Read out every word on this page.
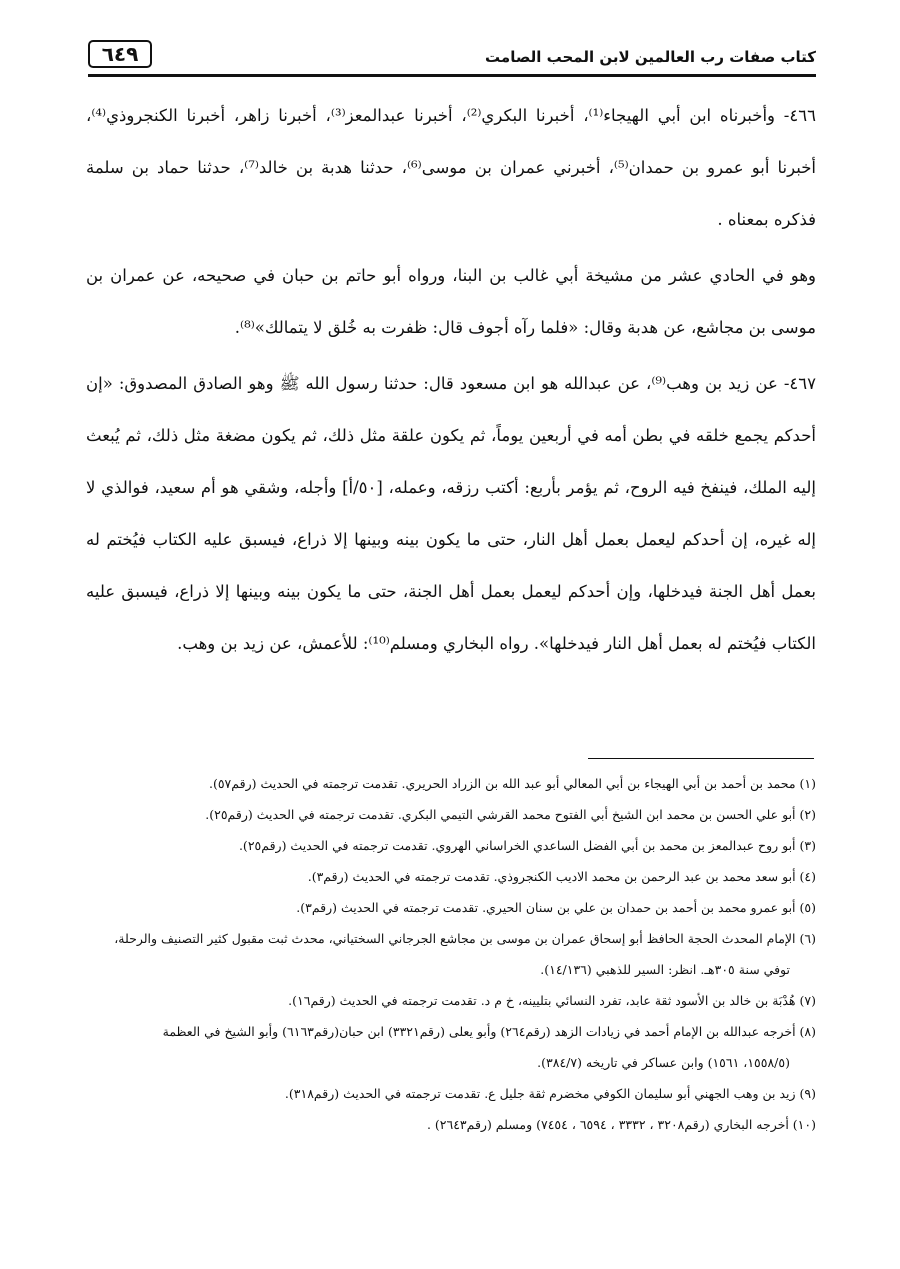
٦٤٩	كتاب صفات رب العالمين لابن المحب الصامت

٤٦٦- وأخبرناه ابن أبي الهيجاء⁽¹⁾، أخبرنا البكري⁽²⁾، أخبرنا عبدالمعز⁽³⁾، أخبرنا زاهر، أخبرنا الكنجروذي⁽⁴⁾، أخبرنا أبو عمرو بن حمدان⁽⁵⁾، أخبرني عمران بن موسى⁽⁶⁾، حدثنا هدبة بن خالد⁽⁷⁾، حدثنا حماد بن سلمة فذكره بمعناه .

وهو في الحادي عشر من مشيخة أبي غالب بن البنا، ورواه أبو حاتم بن حبان في صحيحه، عن عمران بن موسى بن مجاشع، عن هدبة وقال: «فلما رآه أجوف قال: ظفرت به خُلق لا يتمالك»⁽⁸⁾.

٤٦٧- عن زيد بن وهب⁽⁹⁾، عن عبدالله هو ابن مسعود قال: حدثنا رسول الله ﷺ وهو الصادق المصدوق: «إن أحدكم يجمع خلقه في بطن أمه في أربعين يوماً، ثم يكون علقة مثل ذلك، ثم يكون مضغة مثل ذلك، ثم يُبعث إليه الملك، فينفخ فيه الروح، ثم يؤمر بأربع: أكتب رزقه، وعمله، [٥٠/أ] وأجله، وشقي هو أم سعيد، فوالذي لا إله غيره، إن أحدكم ليعمل بعمل أهل النار، حتى ما يكون بينه وبينها إلا ذراع، فيسبق عليه الكتاب فيُختم له بعمل أهل الجنة فيدخلها، وإن أحدكم ليعمل بعمل أهل الجنة، حتى ما يكون بينه وبينها إلا ذراع، فيسبق عليه الكتاب فيُختم له بعمل أهل النار فيدخلها». رواه البخاري ومسلم⁽¹⁰⁾: للأعمش، عن زيد بن وهب.

(١) محمد بن أحمد بن أبي الهيجاء بن أبي المعالي أبو عبد الله بن الزراد الحريري. تقدمت ترجمته في الحديث (رقم٥٧).

(٢) أبو علي الحسن بن محمد ابن الشيخ أبي الفتوح محمد القرشي التيمي البكري. تقدمت ترجمته في الحديث (رقم٢٥).

(٣) أبو روح عبدالمعز بن محمد بن أبي الفضل الساعدي الخراساني الهروي. تقدمت ترجمته في الحديث (رقم٢٥).

(٤) أبو سعد محمد بن عبد الرحمن بن محمد الاديب الكنجروذي. تقدمت ترجمته في الحديث (رقم٣).

(٥) أبو عمرو محمد بن أحمد بن حمدان بن علي بن سنان الحيري. تقدمت ترجمته في الحديث (رقم٣).

(٦) الإمام المحدث الحجة الحافظ أبو إسحاق عمران بن موسى بن مجاشع الجرجاني السختياني، محدث ثبت مقبول كثير التصنيف والرحلة،

توفي سنة ٣٠٥هـ. انظر: السير للذهبي (١٤/١٣٦).

(٧) هُدْبَة بن خالد بن الأسود ثقة عابد، تفرد النسائي بتليينه، خ م د. تقدمت ترجمته في الحديث (رقم١٦).

(٨) أخرجه عبدالله بن الإمام أحمد في زيادات الزهد (رقم٢٦٤) وأبو يعلى (رقم٣٣٢١) ابن حبان(رقم٦١٦٣) وأبو الشيخ في العظمة

(١٥٥٨/٥، ١٥٦١) وابن عساكر في تاريخه (٣٨٤/٧).

(٩) زيد بن وهب الجهني أبو سليمان الكوفي مخضرم ثقة جليل ع. تقدمت ترجمته في الحديث (رقم٣١٨).

(١٠) أخرجه البخاري (رقم٣٢٠٨ ، ٣٣٣٢ ، ٦٥٩٤ ، ٧٤٥٤) ومسلم (رقم٢٦٤٣) .
